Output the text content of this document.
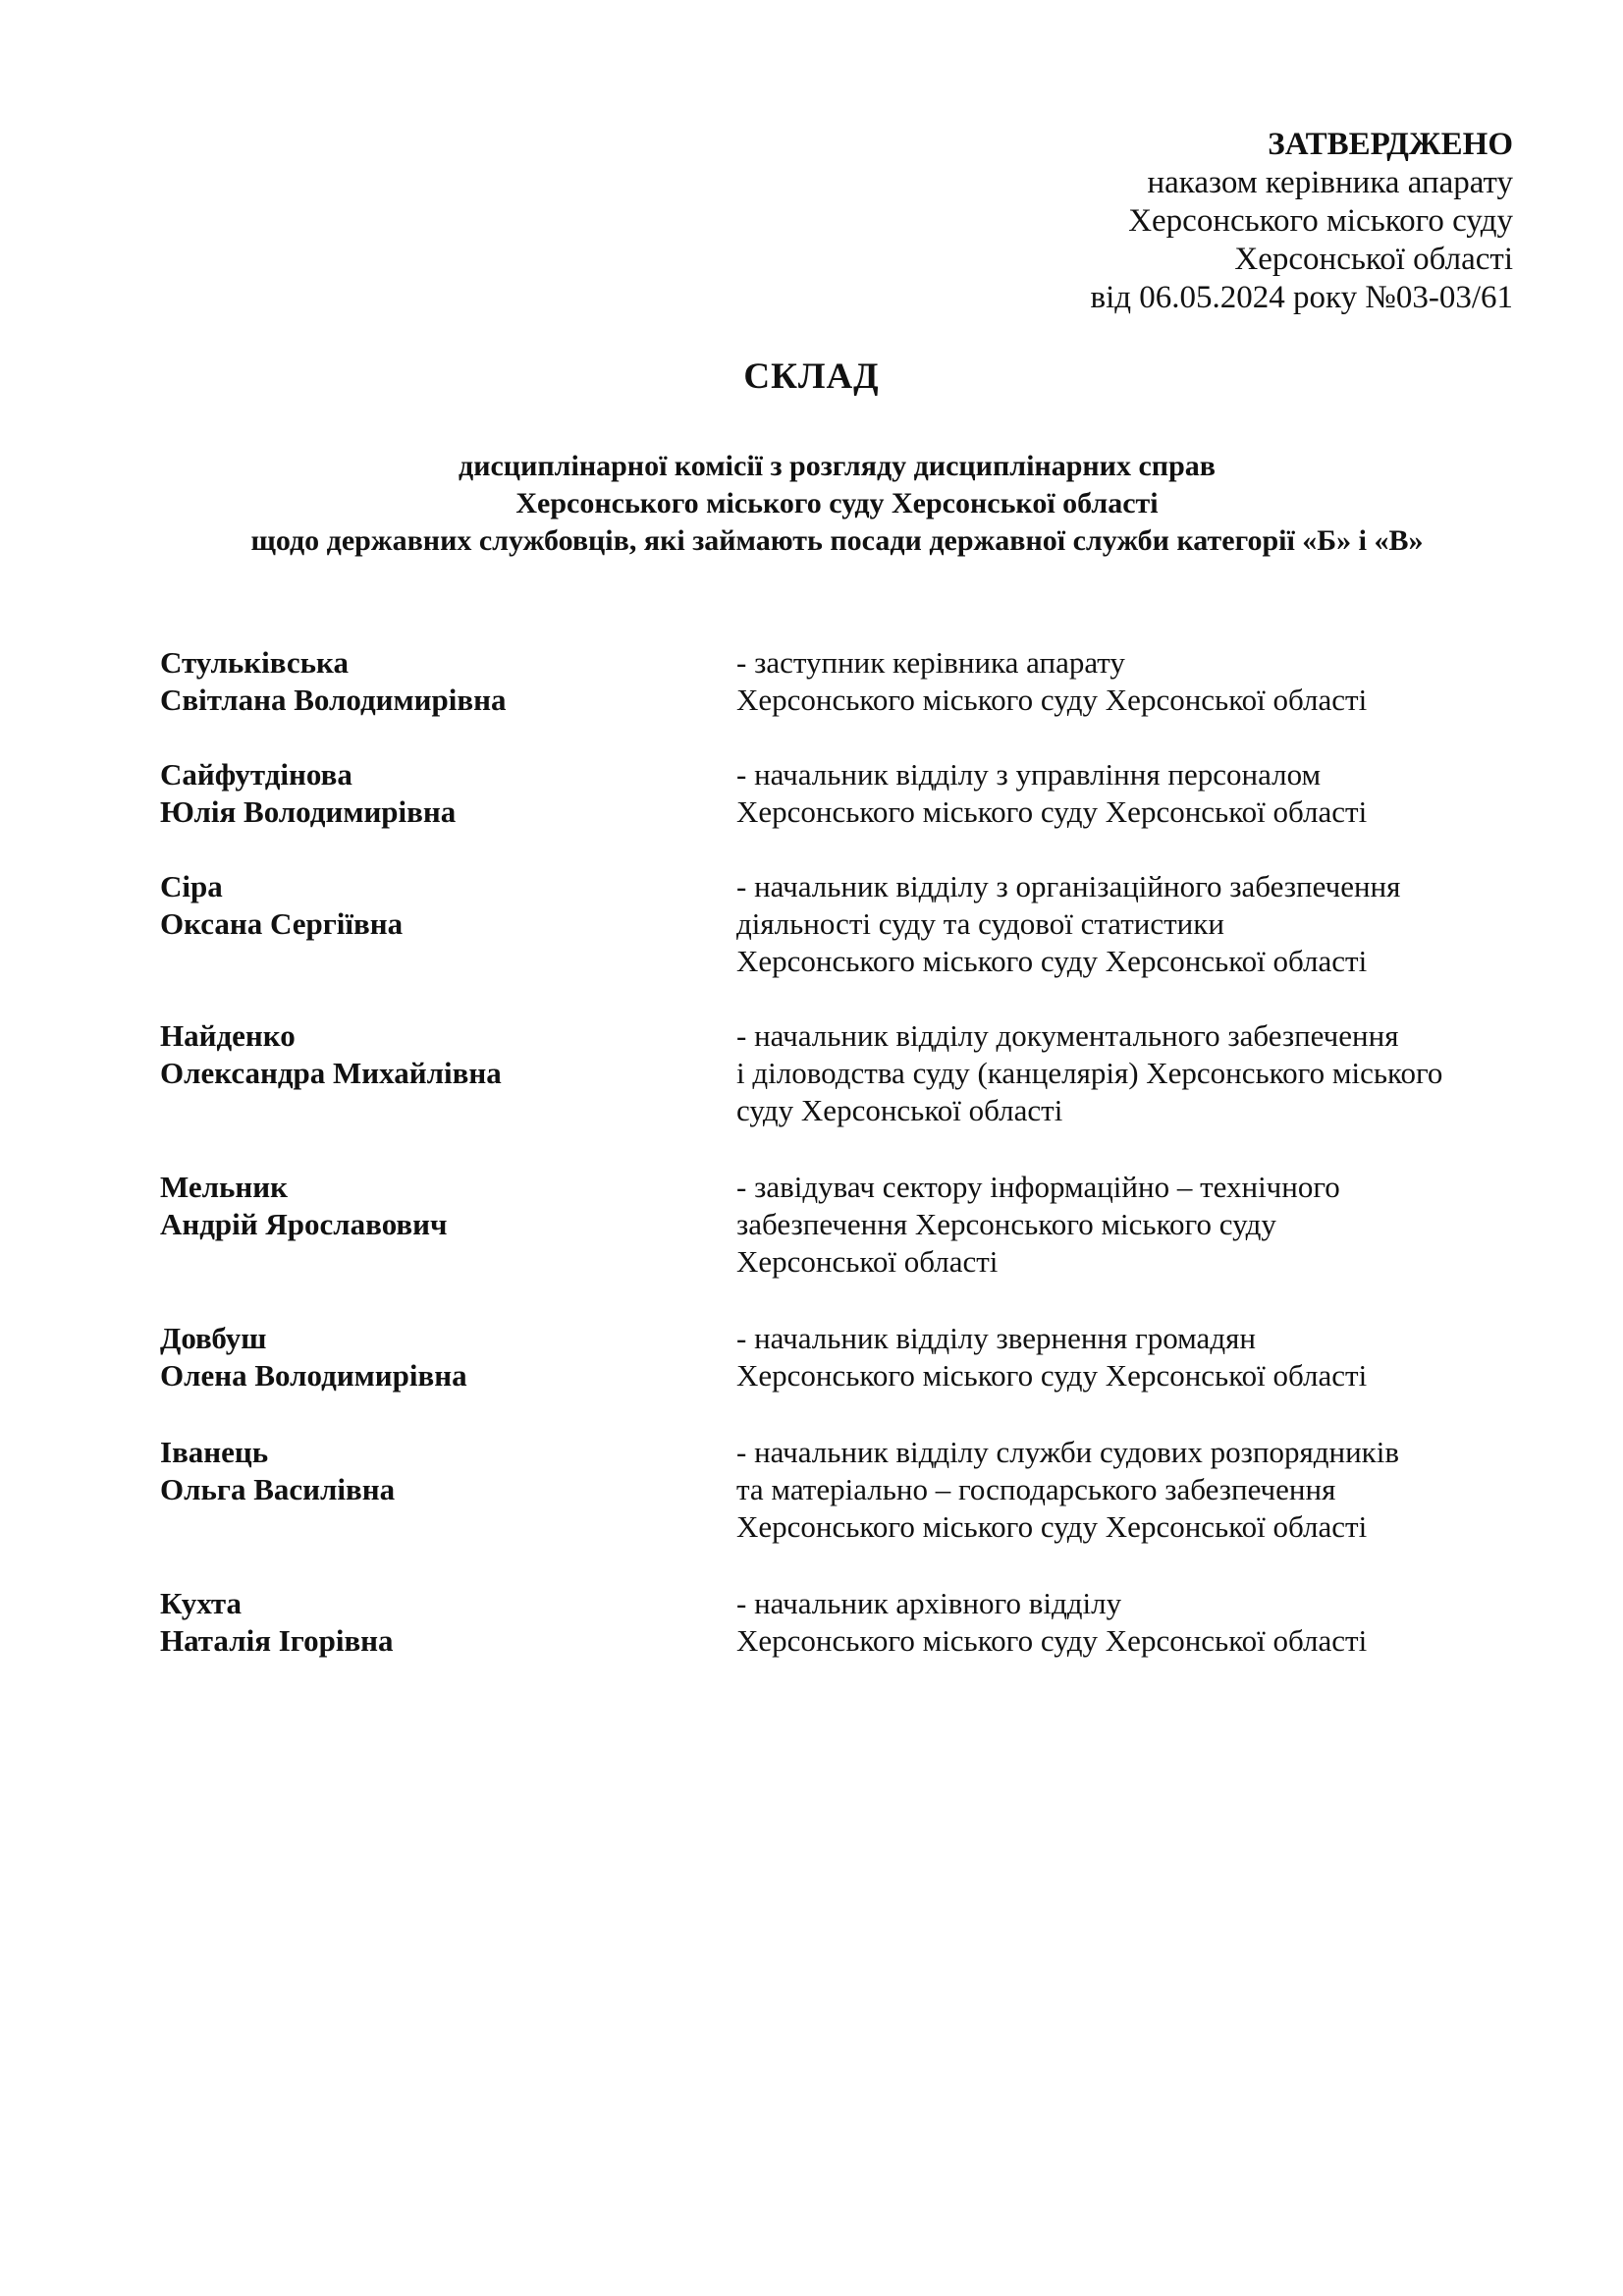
ЗАТВЕРДЖЕНО
наказом керівника апарату
Херсонського міського суду
Херсонської області
від 06.05.2024 року №03-03/61
СКЛАД
дисциплінарної комісії з розгляду дисциплінарних справ
Херсонського міського суду Херсонської області
щодо державних службовців, які займають посади державної служби категорії «Б» і «В»
Стульківська
Світлана Володимирівна
- заступник керівника апарату
Херсонського міського суду Херсонської області
Сайфутдінова
Юлія Володимирівна
- начальник відділу з управління персоналом
Херсонського міського суду Херсонської області
Сіра
Оксана Сергіївна
- начальник відділу з організаційного забезпечення
діяльності суду та судової статистики
Херсонського міського суду Херсонської області
Найденко
Олександра Михайлівна
- начальник відділу документального забезпечення
і діловодства суду (канцелярія) Херсонського міського
суду Херсонської області
Мельник
Андрій Ярославович
- завідувач сектору інформаційно – технічного
забезпечення Херсонського міського суду
Херсонської області
Довбуш
Олена Володимирівна
- начальник відділу звернення громадян
Херсонського міського суду Херсонської області
Іванець
Ольга Василівна
- начальник відділу служби судових розпорядників
та матеріально – господарського забезпечення
Херсонського міського суду Херсонської області
Кухта
Наталія Ігорівна
- начальник архівного відділу
Херсонського міського суду Херсонської області
